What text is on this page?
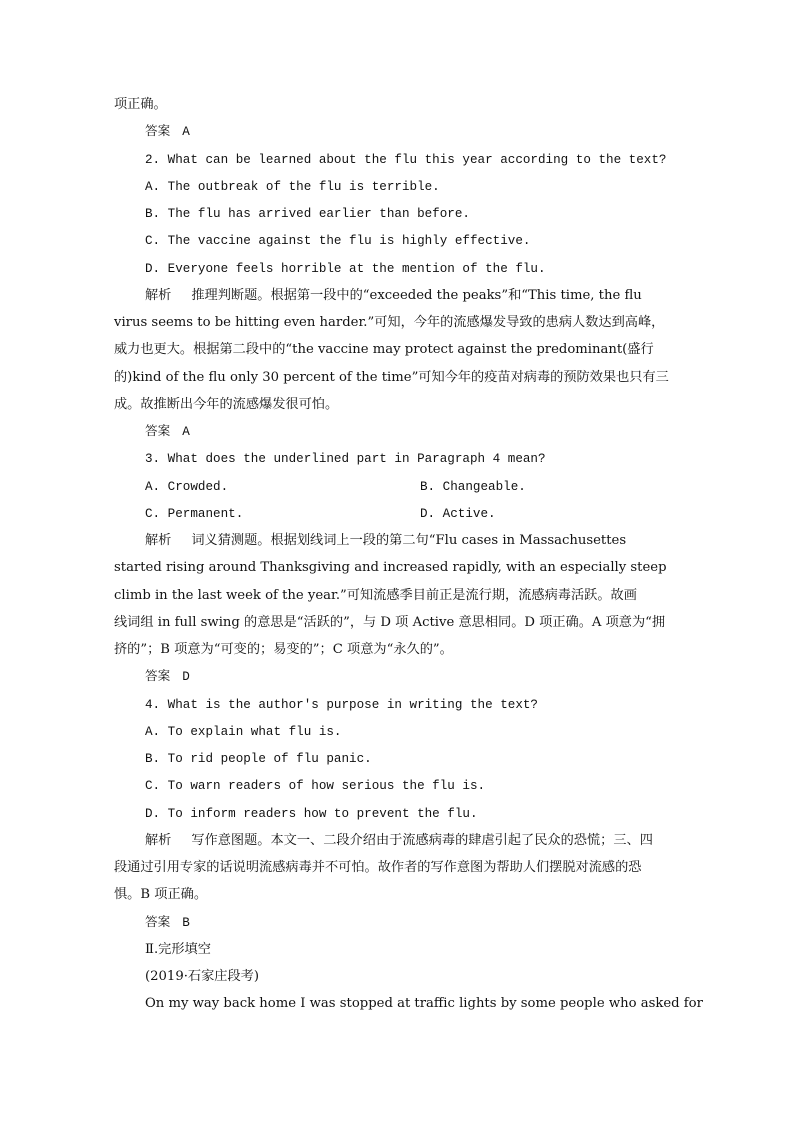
项正确。
答案 A
2. What can be learned about the flu this year according to the text?
A. The outbreak of the flu is terrible.
B. The flu has arrived earlier than before.
C. The vaccine against the flu is highly effective.
D. Everyone feels horrible at the mention of the flu.
解析 推理判断题。根据第一段中的“exceeded the peaks”和“This time, the flu
virus seems to be hitting even harder.”可知，今年的流感爆发导致的患病人数达到高峰，
威力也更大。根据第二段中的“the vaccine may protect against the predominant(盛行
的)kind of the flu only 30 percent of the time”可知今年的疫苗对病毒的预防效果也只有三
成。故推断出今年的流感爆发很可怕。
答案 A
3. What does the underlined part in Paragraph 4 mean?
A. Crowded.	B. Changeable.
C. Permanent.	D. Active.
解析 词义猜测题。根据划线词上一段的第二句“Flu cases in Massachusettes
started rising around Thanksgiving and increased rapidly, with an especially steep
climb in the last week of the year.”可知流感季目前正是流行期，流感病毒活跃。故画
线词组 in full swing 的意思是“活跃的”，与 D 项 Active 意思相同。D 项正确。A 项意为“拥
挤的”；B 项意为“可变的；易变的”；C 项意为“永久的”。
答案 D
4. What is the author's purpose in writing the text?
A. To explain what flu is.
B. To rid people of flu panic.
C. To warn readers of how serious the flu is.
D. To inform readers how to prevent the flu.
解析 写作意图题。本文一、二段介绍由于流感病毒的肆虐引起了民众的恐慌；三、四
段通过引用专家的话说明流感病毒并不可怕。故作者的写作意图为帮助人们摆脱对流感的恐
惧。B 项正确。
答案 B
Ⅱ.完形填空
(2019·石家庄段考)
On my way back home I was stopped at traffic lights by some people who asked for
